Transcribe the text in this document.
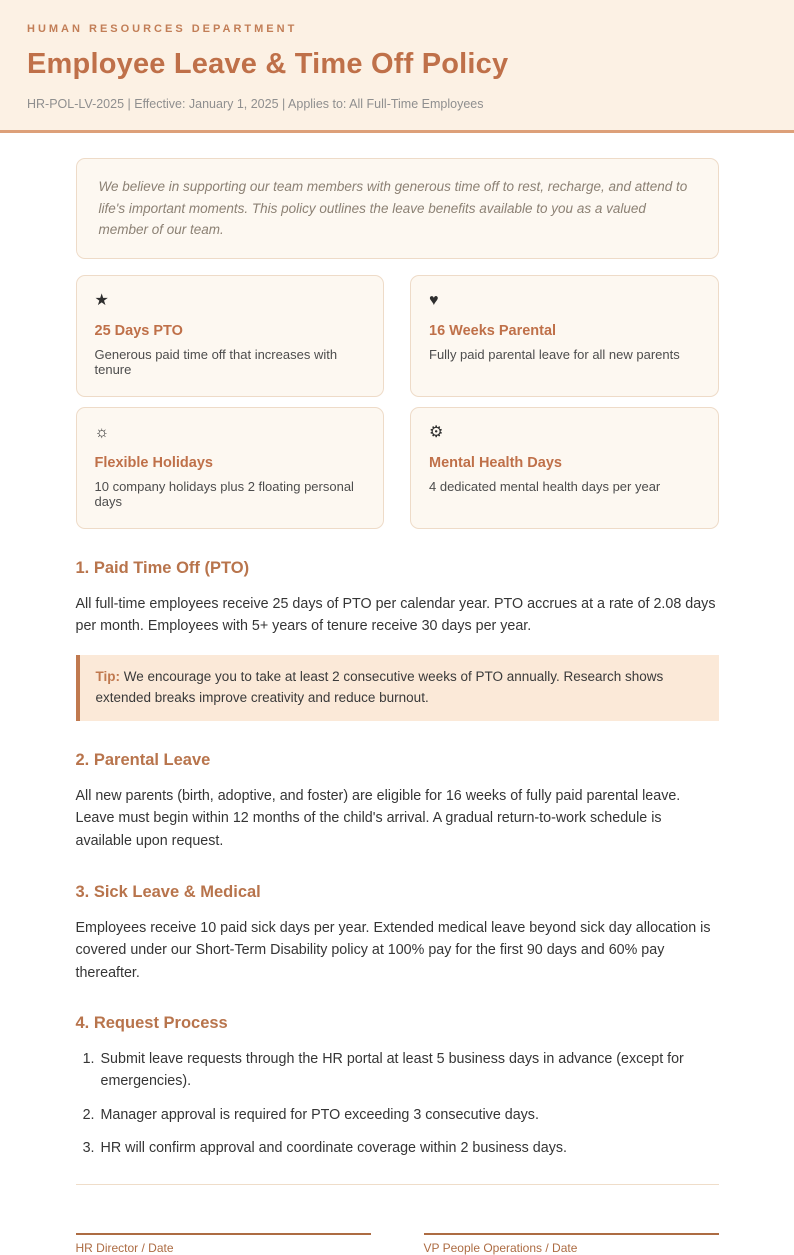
HUMAN RESOURCES DEPARTMENT
Employee Leave & Time Off Policy
HR-POL-LV-2025 | Effective: January 1, 2025 | Applies to: All Full-Time Employees
We believe in supporting our team members with generous time off to rest, recharge, and attend to life's important moments. This policy outlines the leave benefits available to you as a valued member of our team.
★
25 Days PTO
Generous paid time off that increases with tenure
♥
16 Weeks Parental
Fully paid parental leave for all new parents
☼
Flexible Holidays
10 company holidays plus 2 floating personal days
⚙
Mental Health Days
4 dedicated mental health days per year
1. Paid Time Off (PTO)

All full-time employees receive 25 days of PTO per calendar year. PTO accrues at a rate of 2.08 days per month. Employees with 5+ years of tenure receive 30 days per year.

Tip: We encourage you to take at least 2 consecutive weeks of PTO annually. Research shows extended breaks improve creativity and reduce burnout.
2. Parental Leave

All new parents (birth, adoptive, and foster) are eligible for 16 weeks of fully paid parental leave. Leave must begin within 12 months of the child's arrival. A gradual return-to-work schedule is available upon request.

3. Sick Leave & Medical

Employees receive 10 paid sick days per year. Extended medical leave beyond sick day allocation is covered under our Short-Term Disability policy at 100% pay for the first 90 days and 60% pay thereafter.

4. Request Process
1. Submit leave requests through the HR portal at least 5 business days in advance (except for emergencies).
2. Manager approval is required for PTO exceeding 3 consecutive days.
3. HR will confirm approval and coordinate coverage within 2 business days.
HR Director / Date	VP People Operations / Date
